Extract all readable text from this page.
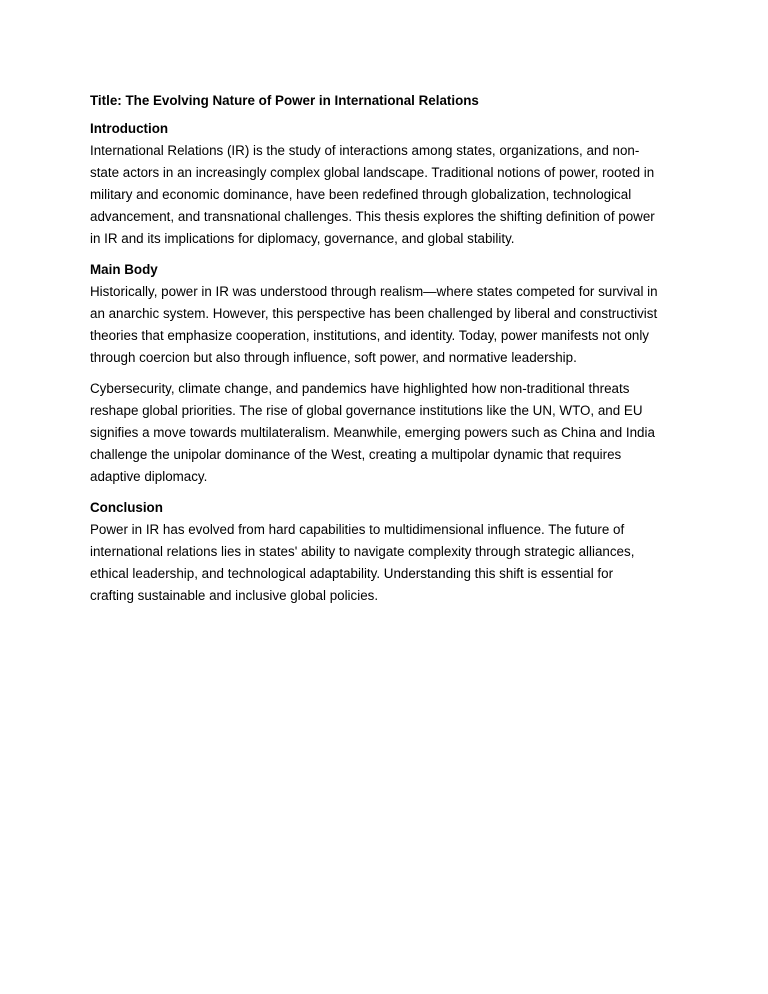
Title: The Evolving Nature of Power in International Relations
Introduction

International Relations (IR) is the study of interactions among states, organizations, and non-
state actors in an increasingly complex global landscape. Traditional notions of power, rooted in
military and economic dominance, have been redefined through globalization, technological
advancement, and transnational challenges. This thesis explores the shifting definition of power
in IR and its implications for diplomacy, governance, and global stability.

Main Body

Historically, power in IR was understood through realism—where states competed for survival in
an anarchic system. However, this perspective has been challenged by liberal and constructivist
theories that emphasize cooperation, institutions, and identity. Today, power manifests not only
through coercion but also through influence, soft power, and normative leadership.

Cybersecurity, climate change, and pandemics have highlighted how non-traditional threats
reshape global priorities. The rise of global governance institutions like the UN, WTO, and EU
signifies a move towards multilateralism. Meanwhile, emerging powers such as China and India
challenge the unipolar dominance of the West, creating a multipolar dynamic that requires
adaptive diplomacy.

Conclusion

Power in IR has evolved from hard capabilities to multidimensional influence. The future of
international relations lies in states' ability to navigate complexity through strategic alliances,
ethical leadership, and technological adaptability. Understanding this shift is essential for
crafting sustainable and inclusive global policies.
